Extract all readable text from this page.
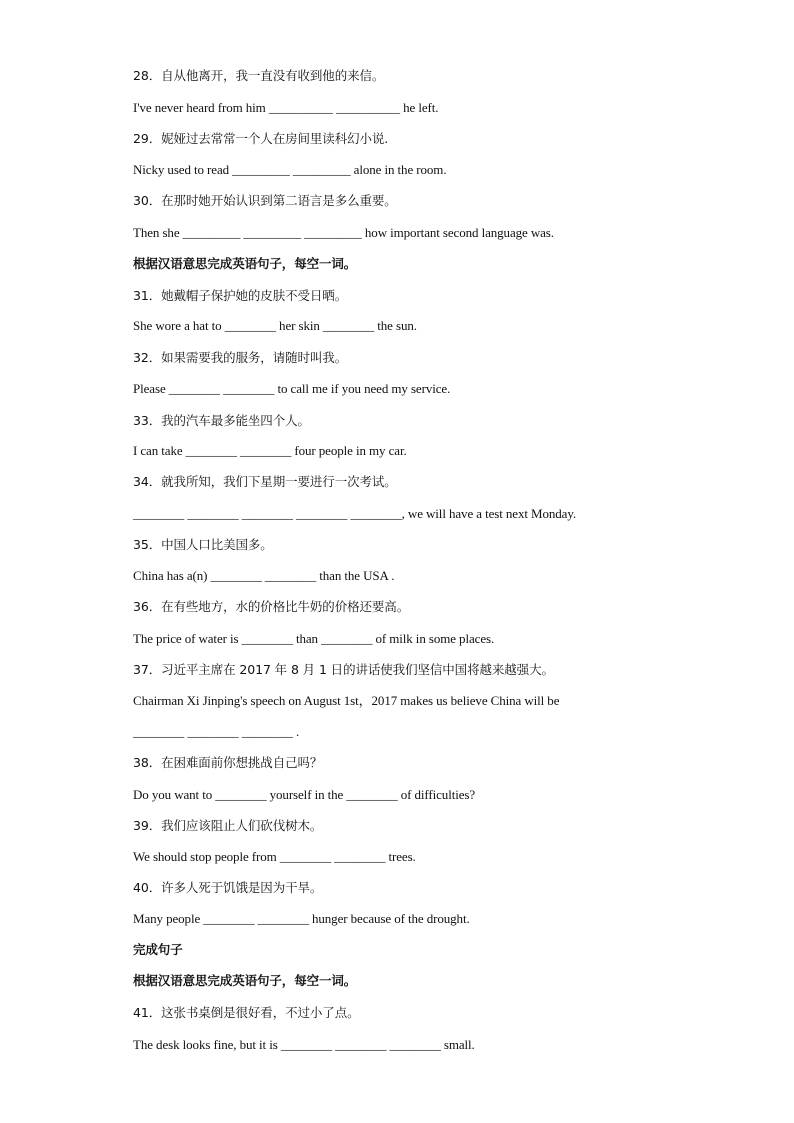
28．自从他离开，我一直没有收到他的来信。
I've never heard from him __________ __________ he left.
29．妮娅过去常常一个人在房间里读科幻小说.
Nicky used to read _________ _________ alone in the room.
30．在那时她开始认识到第二语言是多么重要。
Then she _________ _________ _________ how important second language was.
根据汉语意思完成英语句子，每空一词。
31．她戴帽子保护她的皮肤不受日晒。
She wore a hat to ________ her skin ________ the sun.
32．如果需要我的服务，请随时叫我。
Please ________ ________ to call me if you need my service.
33．我的汽车最多能坐四个人。
I can take ________ ________ four people in my car.
34．就我所知，我们下星期一要进行一次考试。
________ ________ ________ ________ ________, we will have a test next Monday.
35．中国人口比美国多。
China has a(n) ________ ________ than the USA .
36．在有些地方，水的价格比牛奶的价格还要高。
The price of water is ________ than ________ of milk in some places.
37．习近平主席在 2017 年 8 月 1 日的讲话使我们坚信中国将越来越强大。
Chairman Xi Jinping's speech on August 1st，2017 makes us believe China will be
________ ________ ________ .
38．在困难面前你想挑战自己吗？
Do you want to ________ yourself in the ________ of difficulties?
39．我们应该阻止人们砍伐树木。
We should stop people from ________ ________ trees.
40．许多人死于饥饿是因为干旱。
Many people ________ ________ hunger because of the drought.
完成句子
根据汉语意思完成英语句子，每空一词。
41．这张书桌倒是很好看，不过小了点。
The desk looks fine, but it is ________ ________ ________ small.
